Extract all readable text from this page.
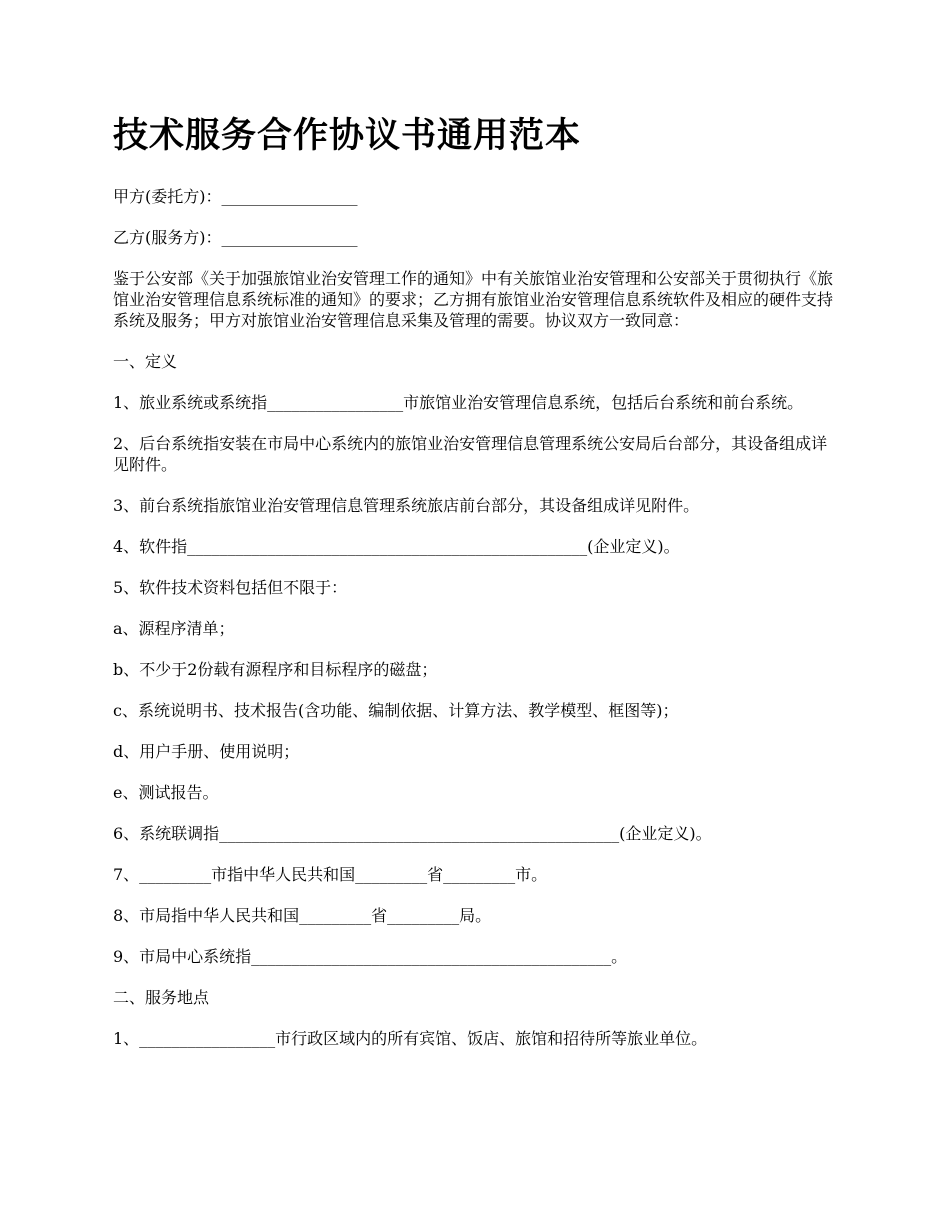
技术服务合作协议书通用范本

甲方(委托方)：_________________

乙方(服务方)：_________________

鉴于公安部《关于加强旅馆业治安管理工作的通知》中有关旅馆业治安管理和公安部关于贯彻执行《旅馆业治安管理信息系统标准的通知》的要求；乙方拥有旅馆业治安管理信息系统软件及相应的硬件支持系统及服务；甲方对旅馆业治安管理信息采集及管理的需要。协议双方一致同意：

一、定义

1、旅业系统或系统指_________________市旅馆业治安管理信息系统，包括后台系统和前台系统。

2、后台系统指安装在市局中心系统内的旅馆业治安管理信息管理系统公安局后台部分，其设备组成详见附件。

3、前台系统指旅馆业治安管理信息管理系统旅店前台部分，其设备组成详见附件。

4、软件指__________________________________________________(企业定义)。

5、软件技术资料包括但不限于：

a、源程序清单；

b、不少于2份载有源程序和目标程序的磁盘；

c、系统说明书、技术报告(含功能、编制依据、计算方法、教学模型、框图等)；

d、用户手册、使用说明；

e、测试报告。

6、系统联调指__________________________________________________(企业定义)。

7、_________市指中华人民共和国_________省_________市。

8、市局指中华人民共和国_________省_________局。

9、市局中心系统指_____________________________________________。

二、服务地点

1、_________________市行政区域内的所有宾馆、饭店、旅馆和招待所等旅业单位。
